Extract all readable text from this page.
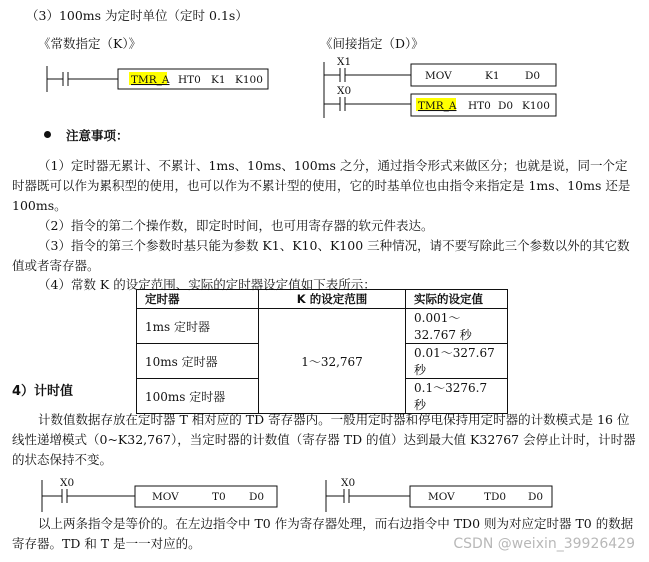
（3）100ms 为定时单位（定时 0.1s）
《常数指定（K）》	《间接指定（D）》
TMR_A HT0 K1 K100
X1
MOV	K1 D0
X0
TMR_A HT0 D0 K100
注意事项：
（1）定时器无累计、不累计、1ms、10ms、100ms 之分，通过指令形式来做区分；也就是说，同一个定时器既可以作为累积型的使用，也可以作为不累计型的使用，它的时基单位也由指令来指定是 1ms、10ms 还是 100ms。
（2）指令的第二个操作数，即定时时间，也可用寄存器的软元件表达。
（3）指令的第三个参数时基只能为参数 K1、K10、K100 三种情况，请不要写除此三个参数以外的其它数值或者寄存器。
（4）常数 K 的设定范围、实际的定时器设定值如下表所示：
定时器	K 的设定范围	实际的设定值
1ms 定时器	1～32,767	0.001～32.767 秒
10ms 定时器		0.01～327.67 秒
100ms 定时器		0.1～3276.7 秒
4）计时值
计数值数据存放在定时器 T 相对应的 TD 寄存器内。一般用定时器和停电保持用定时器的计数模式是 16 位线性递增模式（0~K32,767），当定时器的计数值（寄存器 TD 的值）达到最大值 K32767 会停止计时，计时器的状态保持不变。
X0
MOV	T0 D0
X0
MOV	TD0 D0
以上两条指令是等价的。在左边指令中 T0 作为寄存器处理，而右边指令中 TD0 则为对应定时器 T0 的数据寄存器。TD 和 T 是一一对应的。	CSDN @weixin_39926429
